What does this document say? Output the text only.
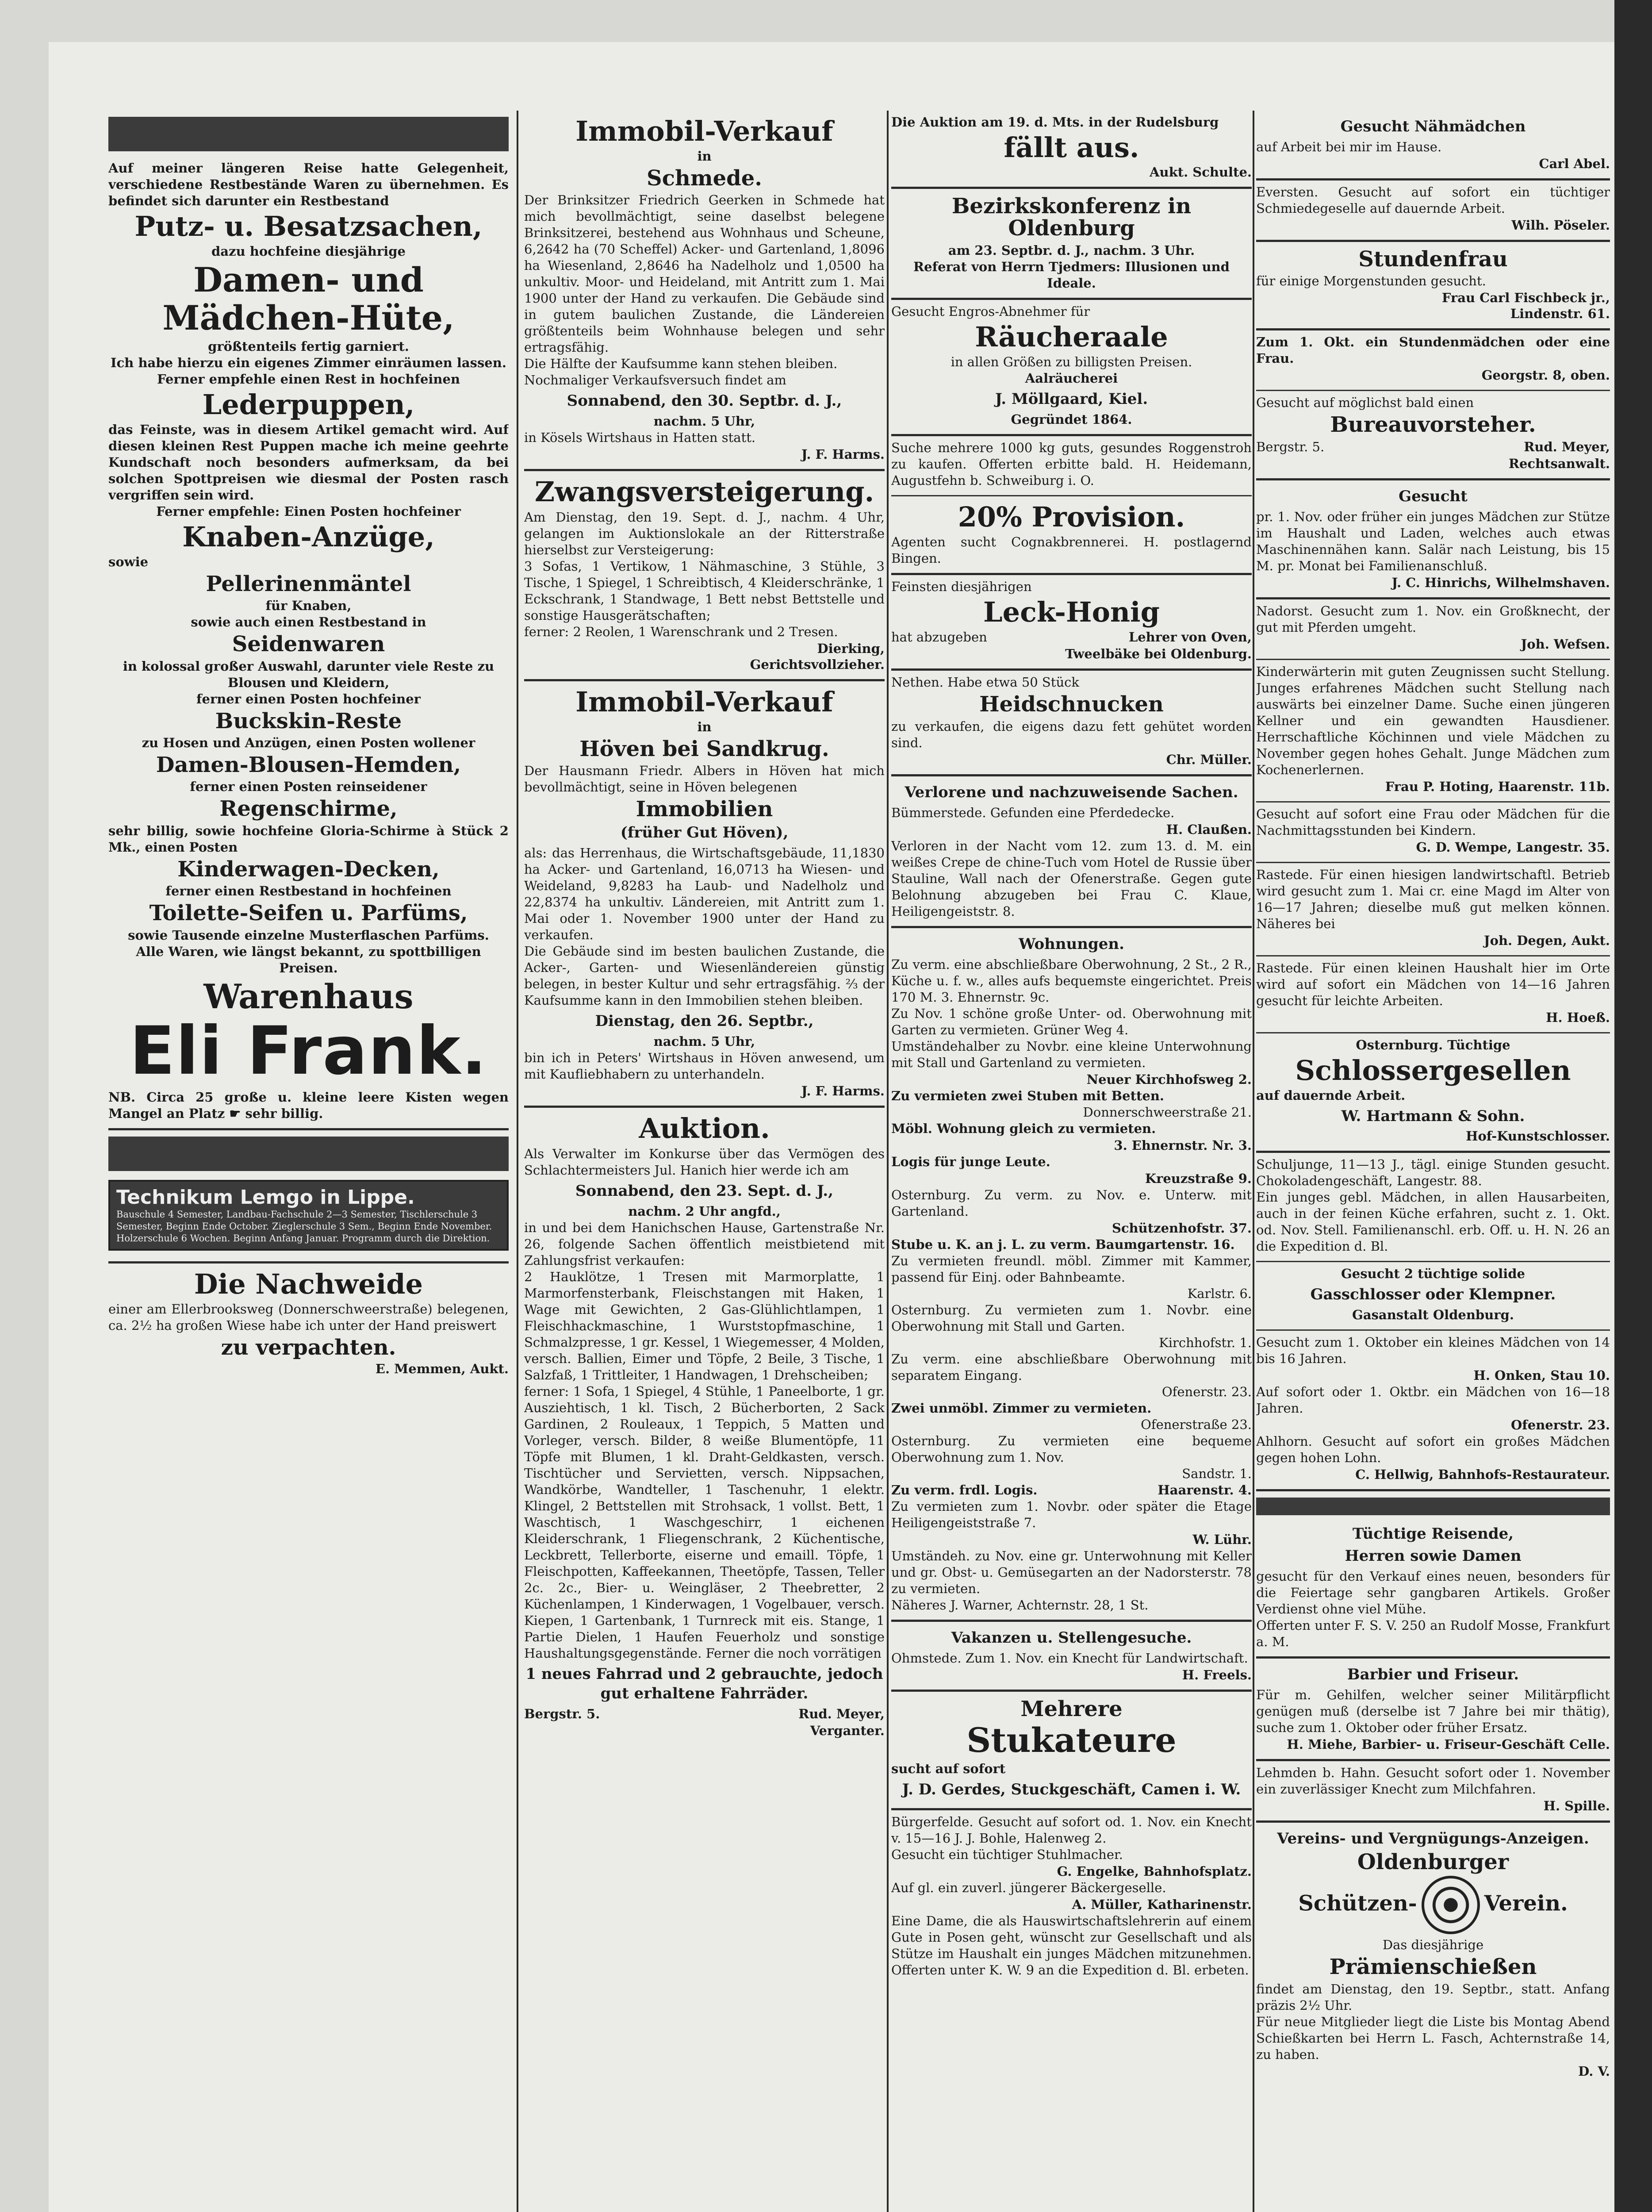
Auf meiner längeren Reise hatte Gelegenheit, verschiedene Restbestände Waren zu übernehmen. Es befindet sich darunter ein Restbestand

Putz- u. Besatzsachen,

dazu hochfeine diesjährige

Damen- und
Mädchen-Hüte,

größtenteils fertig garniert.

Ich habe hierzu ein eigenes Zimmer einräumen lassen.

Ferner empfehle einen Rest in hochfeinen

Lederpuppen,

das Feinste, was in diesem Artikel gemacht wird. Auf diesen kleinen Rest Puppen mache ich meine geehrte Kundschaft noch besonders aufmerksam, da bei solchen Spottpreisen wie diesmal der Posten rasch vergriffen sein wird.

Ferner empfehle: Einen Posten hochfeiner

Knaben-Anzüge,

sowie

Pellerinenmäntel

für Knaben,

sowie auch einen Restbestand in

Seidenwaren

in kolossal großer Auswahl, darunter viele Reste zu Blousen und Kleidern,

ferner einen Posten hochfeiner

Buckskin-Reste

zu Hosen und Anzügen, einen Posten wollener

Damen-Blousen-Hemden,

ferner einen Posten reinseidener

Regenschirme,

sehr billig, sowie hochfeine Gloria-Schirme à Stück 2 Mk., einen Posten

Kinderwagen-Decken,

ferner einen Restbestand in hochfeinen

Toilette-Seifen u. Parfüms,

sowie Tausende einzelne Musterflaschen Parfüms.

Alle Waren, wie längst bekannt, zu spottbilligen Preisen.

Warenhaus
Eli Frank.

NB. Circa 25 große u. kleine leere Kisten wegen Mangel an Platz ☛ sehr billig.

Technikum Lemgo in Lippe.
Bauschule 4 Semester, Landbau-Fachschule 2—3 Semester, Tischlerschule 3 Semester, Beginn Ende October. Zieglerschule 3 Sem., Beginn Ende November. Holzerschule 6 Wochen. Beginn Anfang Januar. Programm durch die Direktion.
Die Nachweide

einer am Ellerbrooksweg (Donnerschweerstraße) belegenen, ca. 2½ ha großen Wiese habe ich unter der Hand preiswert

zu verpachten.

E. Memmen, Aukt.

Immobil-Verkauf
in
Schmede.

Der Brinksitzer Friedrich Geerken in Schmede hat mich bevollmächtigt, seine daselbst belegene Brinksitzerei, bestehend aus Wohnhaus und Scheune, 6,2642 ha (70 Scheffel) Acker- und Gartenland, 1,8096 ha Wiesenland, 2,8646 ha Nadelholz und 1,0500 ha unkultiv. Moor- und Heideland, mit Antritt zum 1. Mai 1900 unter der Hand zu verkaufen. Die Gebäude sind in gutem baulichen Zustande, die Ländereien größtenteils beim Wohnhause belegen und sehr ertragsfähig.

Die Hälfte der Kaufsumme kann stehen bleiben.

Nochmaliger Verkaufsversuch findet am

Sonnabend, den 30. Septbr. d. J.,

nachm. 5 Uhr,

in Kösels Wirtshaus in Hatten statt.

J. F. Harms.

Zwangsversteigerung.

Am Dienstag, den 19. Sept. d. J., nachm. 4 Uhr, gelangen im Auktionslokale an der Ritterstraße hierselbst zur Versteigerung:

3 Sofas, 1 Vertikow, 1 Nähmaschine, 3 Stühle, 3 Tische, 1 Spiegel, 1 Schreibtisch, 4 Kleiderschränke, 1 Eckschrank, 1 Standwage, 1 Bett nebst Bettstelle und sonstige Hausgerätschaften;

ferner: 2 Reolen, 1 Warenschrank und 2 Tresen.

Dierking,

Gerichtsvollzieher.

Immobil-Verkauf
in
Höven bei Sandkrug.

Der Hausmann Friedr. Albers in Höven hat mich bevollmächtigt, seine in Höven belegenen

Immobilien
(früher Gut Höven),

als: das Herrenhaus, die Wirtschaftsgebäude, 11,1830 ha Acker- und Gartenland, 16,0713 ha Wiesen- und Weideland, 9,8283 ha Laub- und Nadelholz und 22,8374 ha unkultiv. Ländereien, mit Antritt zum 1. Mai oder 1. November 1900 unter der Hand zu verkaufen.

Die Gebäude sind im besten baulichen Zustande, die Acker-, Garten- und Wiesenländereien günstig belegen, in bester Kultur und sehr ertragsfähig. ⅔ der Kaufsumme kann in den Immobilien stehen bleiben.

Dienstag, den 26. Septbr.,

nachm. 5 Uhr,

bin ich in Peters' Wirtshaus in Höven anwesend, um mit Kaufliebhabern zu unterhandeln.

J. F. Harms.

Auktion.

Als Verwalter im Konkurse über das Vermögen des Schlachtermeisters Jul. Hanich hier werde ich am

Sonnabend, den 23. Sept. d. J.,

nachm. 2 Uhr angfd.,

in und bei dem Hanichschen Hause, Gartenstraße Nr. 26, folgende Sachen öffentlich meistbietend mit Zahlungsfrist verkaufen:

2 Hauklötze, 1 Tresen mit Marmorplatte, 1 Marmorfensterbank, Fleischstangen mit Haken, 1 Wage mit Gewichten, 2 Gas-Glühlichtlampen, 1 Fleischhackmaschine, 1 Wurststopfmaschine, 1 Schmalzpresse, 1 gr. Kessel, 1 Wiegemesser, 4 Molden, versch. Ballien, Eimer und Töpfe, 2 Beile, 3 Tische, 1 Salzfaß, 1 Trittleiter, 1 Handwagen, 1 Drehscheiben;

ferner: 1 Sofa, 1 Spiegel, 4 Stühle, 1 Paneelborte, 1 gr. Ausziehtisch, 1 kl. Tisch, 2 Bücherborten, 2 Sack Gardinen, 2 Rouleaux, 1 Teppich, 5 Matten und Vorleger, versch. Bilder, 8 weiße Blumentöpfe, 11 Töpfe mit Blumen, 1 kl. Draht-Geldkasten, versch. Tischtücher und Servietten, versch. Nippsachen, Wandkörbe, Wandteller, 1 Taschenuhr, 1 elektr. Klingel, 2 Bettstellen mit Strohsack, 1 vollst. Bett, 1 Waschtisch, 1 Waschgeschirr, 1 eichenen Kleiderschrank, 1 Fliegenschrank, 2 Küchentische, Leckbrett, Tellerborte, eiserne und emaill. Töpfe, 1 Fleischpotten, Kaffeekannen, Theetöpfe, Tassen, Teller 2c. 2c., Bier- u. Weingläser, 2 Theebretter, 2 Küchenlampen, 1 Kinderwagen, 1 Vogelbauer, versch. Kiepen, 1 Gartenbank, 1 Turnreck mit eis. Stange, 1 Partie Dielen, 1 Haufen Feuerholz und sonstige Haushaltungsgegenstände. Ferner die noch vorrätigen

1 neues Fahrrad und 2 gebrauchte, jedoch gut erhaltene Fahrräder.

Bergstr. 5.	Rud. Meyer,

Verganter.

Die Auktion am 19. d. Mts. in der Rudelsburg

fällt aus.

Aukt. Schulte.

Bezirkskonferenz in Oldenburg

am 23. Septbr. d. J., nachm. 3 Uhr.

Referat von Herrn Tjedmers: Illusionen und Ideale.

Gesucht Engros-Abnehmer für

Räucheraale

in allen Größen zu billigsten Preisen.

Aalräucherei

J. Möllgaard, Kiel.

Gegründet 1864.

Suche mehrere 1000 kg guts, gesundes Roggenstroh zu kaufen. Offerten erbitte bald. H. Heidemann, Augustfehn b. Schweiburg i. O.

20% Provision.

Agenten sucht Cognakbrennerei. H. postlagernd Bingen.

Feinsten diesjährigen

Leck-Honig

hat abzugeben	Lehrer von Oven,

Tweelbäke bei Oldenburg.

Nethen. Habe etwa 50 Stück

Heidschnucken

zu verkaufen, die eigens dazu fett gehütet worden sind.

Chr. Müller.

Verlorene und nachzuweisende Sachen.

Bümmerstede. Gefunden eine Pferdedecke.

H. Claußen.

Verloren in der Nacht vom 12. zum 13. d. M. ein weißes Crepe de chine-Tuch vom Hotel de Russie über Stauline, Wall nach der Ofenerstraße. Gegen gute Belohnung abzugeben bei Frau C. Klaue, Heiligengeiststr. 8.

Wohnungen.

Zu verm. eine abschließbare Oberwohnung, 2 St., 2 R., Küche u. f. w., alles aufs bequemste eingerichtet. Preis 170 M. 3. Ehnernstr. 9c.

Zu Nov. 1 schöne große Unter- od. Oberwohnung mit Garten zu vermieten. Grüner Weg 4.

Umständehalber zu Novbr. eine kleine Unterwohnung mit Stall und Gartenland zu vermieten.

Neuer Kirchhofsweg 2.

Zu vermieten zwei Stuben mit Betten.

Donnerschweerstraße 21.

Möbl. Wohnung gleich zu vermieten.

3. Ehnernstr. Nr. 3.

Logis für junge Leute.

Kreuzstraße 9.

Osternburg. Zu verm. zu Nov. e. Unterw. mit Gartenland.

Schützenhofstr. 37.

Stube u. K. an j. L. zu verm. Baumgartenstr. 16.

Zu vermieten freundl. möbl. Zimmer mit Kammer, passend für Einj. oder Bahnbeamte.

Karlstr. 6.

Osternburg. Zu vermieten zum 1. Novbr. eine Oberwohnung mit Stall und Garten.

Kirchhofstr. 1.

Zu verm. eine abschließbare Oberwohnung mit separatem Eingang.

Ofenerstr. 23.

Zwei unmöbl. Zimmer zu vermieten.

Ofenerstraße 23.

Osternburg. Zu vermieten eine bequeme Oberwohnung zum 1. Nov.

Sandstr. 1.

Zu verm. frdl. Logis.	Haarenstr. 4.

Zu vermieten zum 1. Novbr. oder später die Etage Heiligengeiststraße 7.

W. Lühr.

Umständeh. zu Nov. eine gr. Unterwohnung mit Keller und gr. Obst- u. Gemüsegarten an der Nadorsterstr. 78 zu vermieten.

Näheres J. Warner, Achternstr. 28, 1 St.

Vakanzen u. Stellengesuche.

Ohmstede. Zum 1. Nov. ein Knecht für Landwirtschaft.

H. Freels.

Mehrere
Stukateure

sucht auf sofort

J. D. Gerdes, Stuckgeschäft, Camen i. W.

Bürgerfelde. Gesucht auf sofort od. 1. Nov. ein Knecht v. 15—16 J. J. Bohle, Halenweg 2.

Gesucht ein tüchtiger Stuhlmacher.

G. Engelke, Bahnhofsplatz.

Auf gl. ein zuverl. jüngerer Bäckergeselle.

A. Müller, Katharinenstr.

Eine Dame, die als Hauswirtschaftslehrerin auf einem Gute in Posen geht, wünscht zur Gesellschaft und als Stütze im Haushalt ein junges Mädchen mitzunehmen. Offerten unter K. W. 9 an die Expedition d. Bl. erbeten.

Gesucht Nähmädchen

auf Arbeit bei mir im Hause.

Carl Abel.

Eversten. Gesucht auf sofort ein tüchtiger Schmiedegeselle auf dauernde Arbeit.

Wilh. Pöseler.

Stundenfrau

für einige Morgenstunden gesucht.

Frau Carl Fischbeck jr.,

Lindenstr. 61.

Zum 1. Okt. ein Stundenmädchen oder eine Frau.

Georgstr. 8, oben.

Gesucht auf möglichst bald einen

Bureauvorsteher.

Bergstr. 5.	Rud. Meyer,

Rechtsanwalt.

Gesucht

pr. 1. Nov. oder früher ein junges Mädchen zur Stütze im Haushalt und Laden, welches auch etwas Maschinennähen kann. Salär nach Leistung, bis 15 M. pr. Monat bei Familienanschluß.

J. C. Hinrichs, Wilhelmshaven.

Nadorst. Gesucht zum 1. Nov. ein Großknecht, der gut mit Pferden umgeht.

Joh. Wefsen.

Kinderwärterin mit guten Zeugnissen sucht Stellung. Junges erfahrenes Mädchen sucht Stellung nach auswärts bei einzelner Dame. Suche einen jüngeren Kellner und ein gewandten Hausdiener. Herrschaftliche Köchinnen und viele Mädchen zu November gegen hohes Gehalt. Junge Mädchen zum Kochenerlernen.

Frau P. Hoting, Haarenstr. 11b.

Gesucht auf sofort eine Frau oder Mädchen für die Nachmittagsstunden bei Kindern.

G. D. Wempe, Langestr. 35.

Rastede. Für einen hiesigen landwirtschaftl. Betrieb wird gesucht zum 1. Mai cr. eine Magd im Alter von 16—17 Jahren; dieselbe muß gut melken können. Näheres bei

Joh. Degen, Aukt.

Rastede. Für einen kleinen Haushalt hier im Orte wird auf sofort ein Mädchen von 14—16 Jahren gesucht für leichte Arbeiten.

H. Hoeß.

Osternburg. Tüchtige

Schlossergesellen

auf dauernde Arbeit.

W. Hartmann & Sohn.

Hof-Kunstschlosser.

Schuljunge, 11—13 J., tägl. einige Stunden gesucht. Chokoladengeschäft, Langestr. 88.

Ein junges gebl. Mädchen, in allen Hausarbeiten, auch in der feinen Küche erfahren, sucht z. 1. Okt. od. Nov. Stell. Familienanschl. erb. Off. u. H. N. 26 an die Expedition d. Bl.

Gesucht 2 tüchtige solide

Gasschlosser oder Klempner.

Gasanstalt Oldenburg.

Gesucht zum 1. Oktober ein kleines Mädchen von 14 bis 16 Jahren.

H. Onken, Stau 10.

Auf sofort oder 1. Oktbr. ein Mädchen von 16—18 Jahren.

Ofenerstr. 23.

Ahlhorn. Gesucht auf sofort ein großes Mädchen gegen hohen Lohn.

C. Hellwig, Bahnhofs-Restaurateur.

Tüchtige Reisende,
Herren sowie Damen

gesucht für den Verkauf eines neuen, besonders für die Feiertage sehr gangbaren Artikels. Großer Verdienst ohne viel Mühe.

Offerten unter F. S. V. 250 an Rudolf Mosse, Frankfurt a. M.

Barbier und Friseur.

Für m. Gehilfen, welcher seiner Militärpflicht genügen muß (derselbe ist 7 Jahre bei mir thätig), suche zum 1. Oktober oder früher Ersatz.

H. Miehe, Barbier- u. Friseur-Geschäft Celle.

Lehmden b. Hahn. Gesucht sofort oder 1. November ein zuverlässiger Knecht zum Milchfahren.

H. Spille.

Vereins- und Vergnügungs-Anzeigen.
Oldenburger
Schützen-	Verein.

Das diesjährige

Prämienschießen

findet am Dienstag, den 19. Septbr., statt. Anfang präzis 2½ Uhr.

Für neue Mitglieder liegt die Liste bis Montag Abend Schießkarten bei Herrn L. Fasch, Achternstraße 14, zu haben.

D. V.
